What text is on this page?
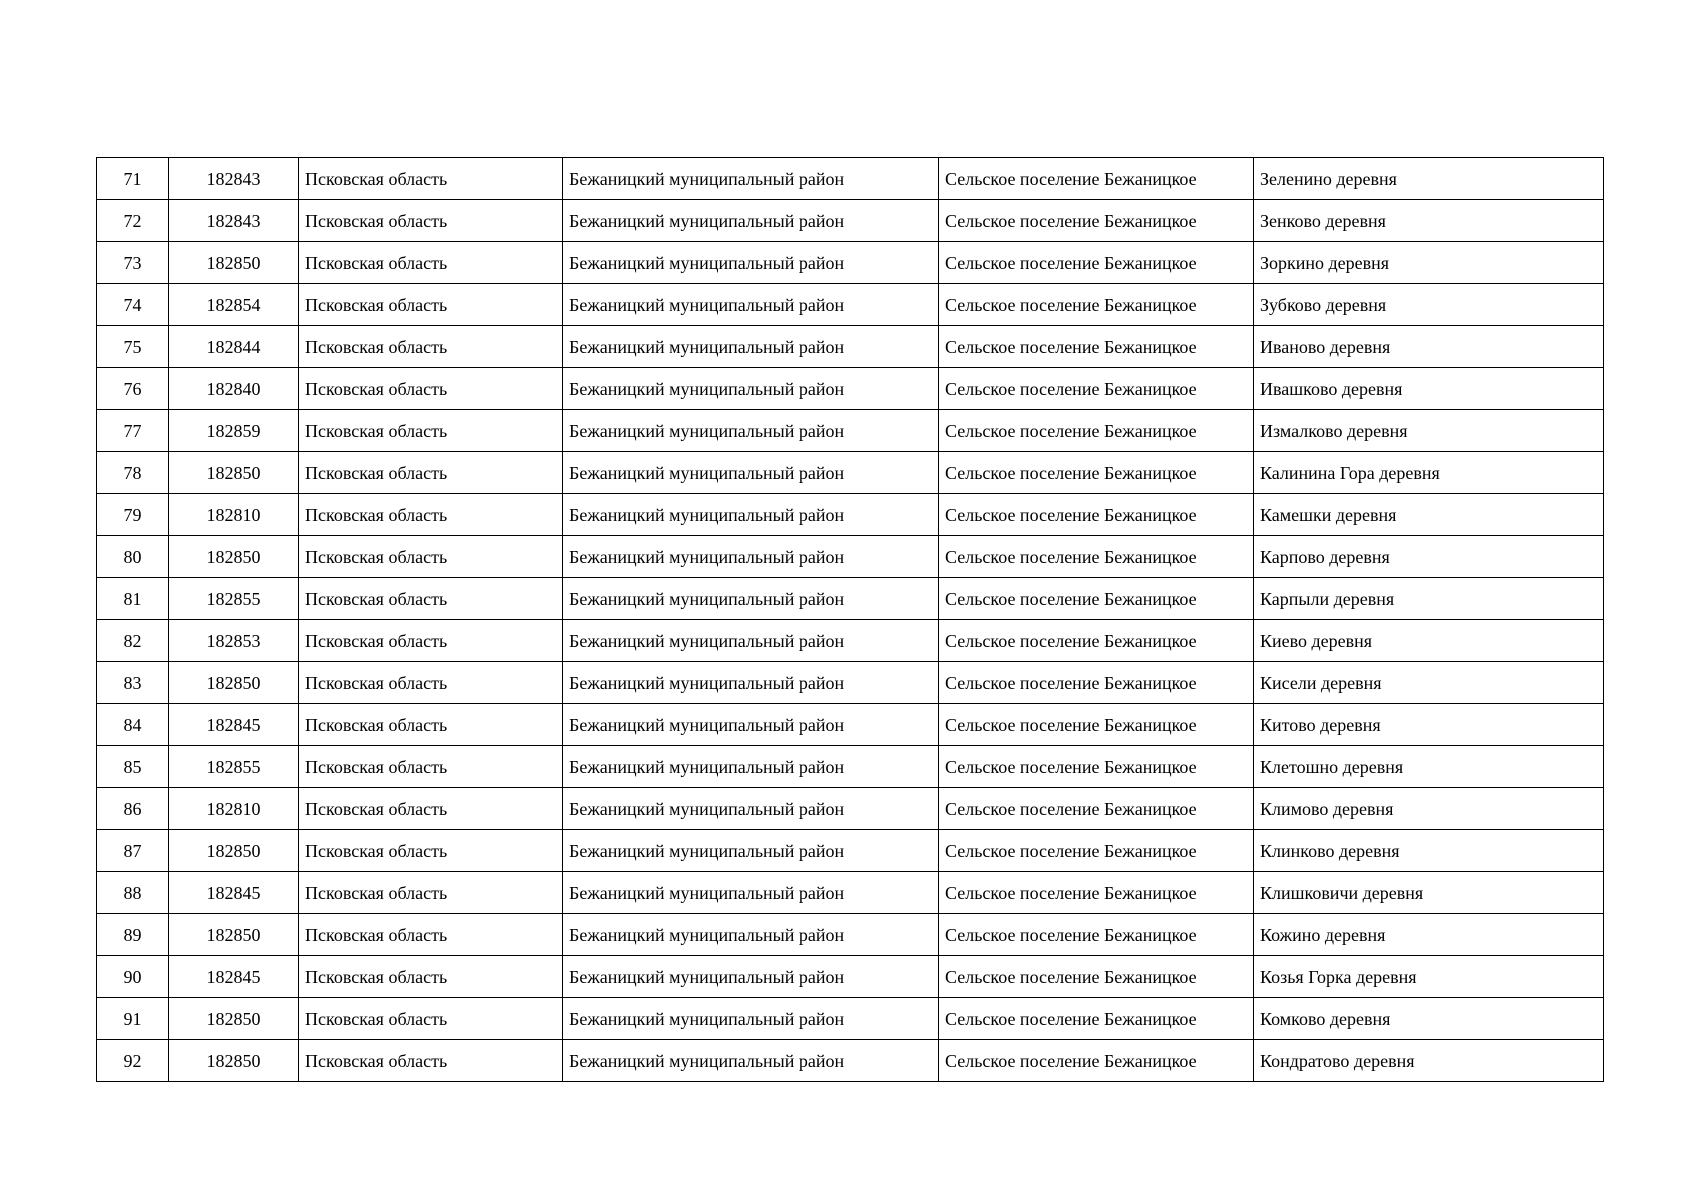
71	182843	Псковская область	Бежаницкий муниципальный район	Сельское поселение Бежаницкое	Зеленино деревня
72	182843	Псковская область	Бежаницкий муниципальный район	Сельское поселение Бежаницкое	Зенково деревня
73	182850	Псковская область	Бежаницкий муниципальный район	Сельское поселение Бежаницкое	Зоркино деревня
74	182854	Псковская область	Бежаницкий муниципальный район	Сельское поселение Бежаницкое	Зубково деревня
75	182844	Псковская область	Бежаницкий муниципальный район	Сельское поселение Бежаницкое	Иваново деревня
76	182840	Псковская область	Бежаницкий муниципальный район	Сельское поселение Бежаницкое	Ивашково деревня
77	182859	Псковская область	Бежаницкий муниципальный район	Сельское поселение Бежаницкое	Измалково деревня
78	182850	Псковская область	Бежаницкий муниципальный район	Сельское поселение Бежаницкое	Калинина Гора деревня
79	182810	Псковская область	Бежаницкий муниципальный район	Сельское поселение Бежаницкое	Камешки деревня
80	182850	Псковская область	Бежаницкий муниципальный район	Сельское поселение Бежаницкое	Карпово деревня
81	182855	Псковская область	Бежаницкий муниципальный район	Сельское поселение Бежаницкое	Карпыли деревня
82	182853	Псковская область	Бежаницкий муниципальный район	Сельское поселение Бежаницкое	Киево деревня
83	182850	Псковская область	Бежаницкий муниципальный район	Сельское поселение Бежаницкое	Кисели деревня
84	182845	Псковская область	Бежаницкий муниципальный район	Сельское поселение Бежаницкое	Китово деревня
85	182855	Псковская область	Бежаницкий муниципальный район	Сельское поселение Бежаницкое	Клетошно деревня
86	182810	Псковская область	Бежаницкий муниципальный район	Сельское поселение Бежаницкое	Климово деревня
87	182850	Псковская область	Бежаницкий муниципальный район	Сельское поселение Бежаницкое	Клинково деревня
88	182845	Псковская область	Бежаницкий муниципальный район	Сельское поселение Бежаницкое	Клишковичи деревня
89	182850	Псковская область	Бежаницкий муниципальный район	Сельское поселение Бежаницкое	Кожино деревня
90	182845	Псковская область	Бежаницкий муниципальный район	Сельское поселение Бежаницкое	Козья Горка деревня
91	182850	Псковская область	Бежаницкий муниципальный район	Сельское поселение Бежаницкое	Комково деревня
92	182850	Псковская область	Бежаницкий муниципальный район	Сельское поселение Бежаницкое	Кондратово деревня
